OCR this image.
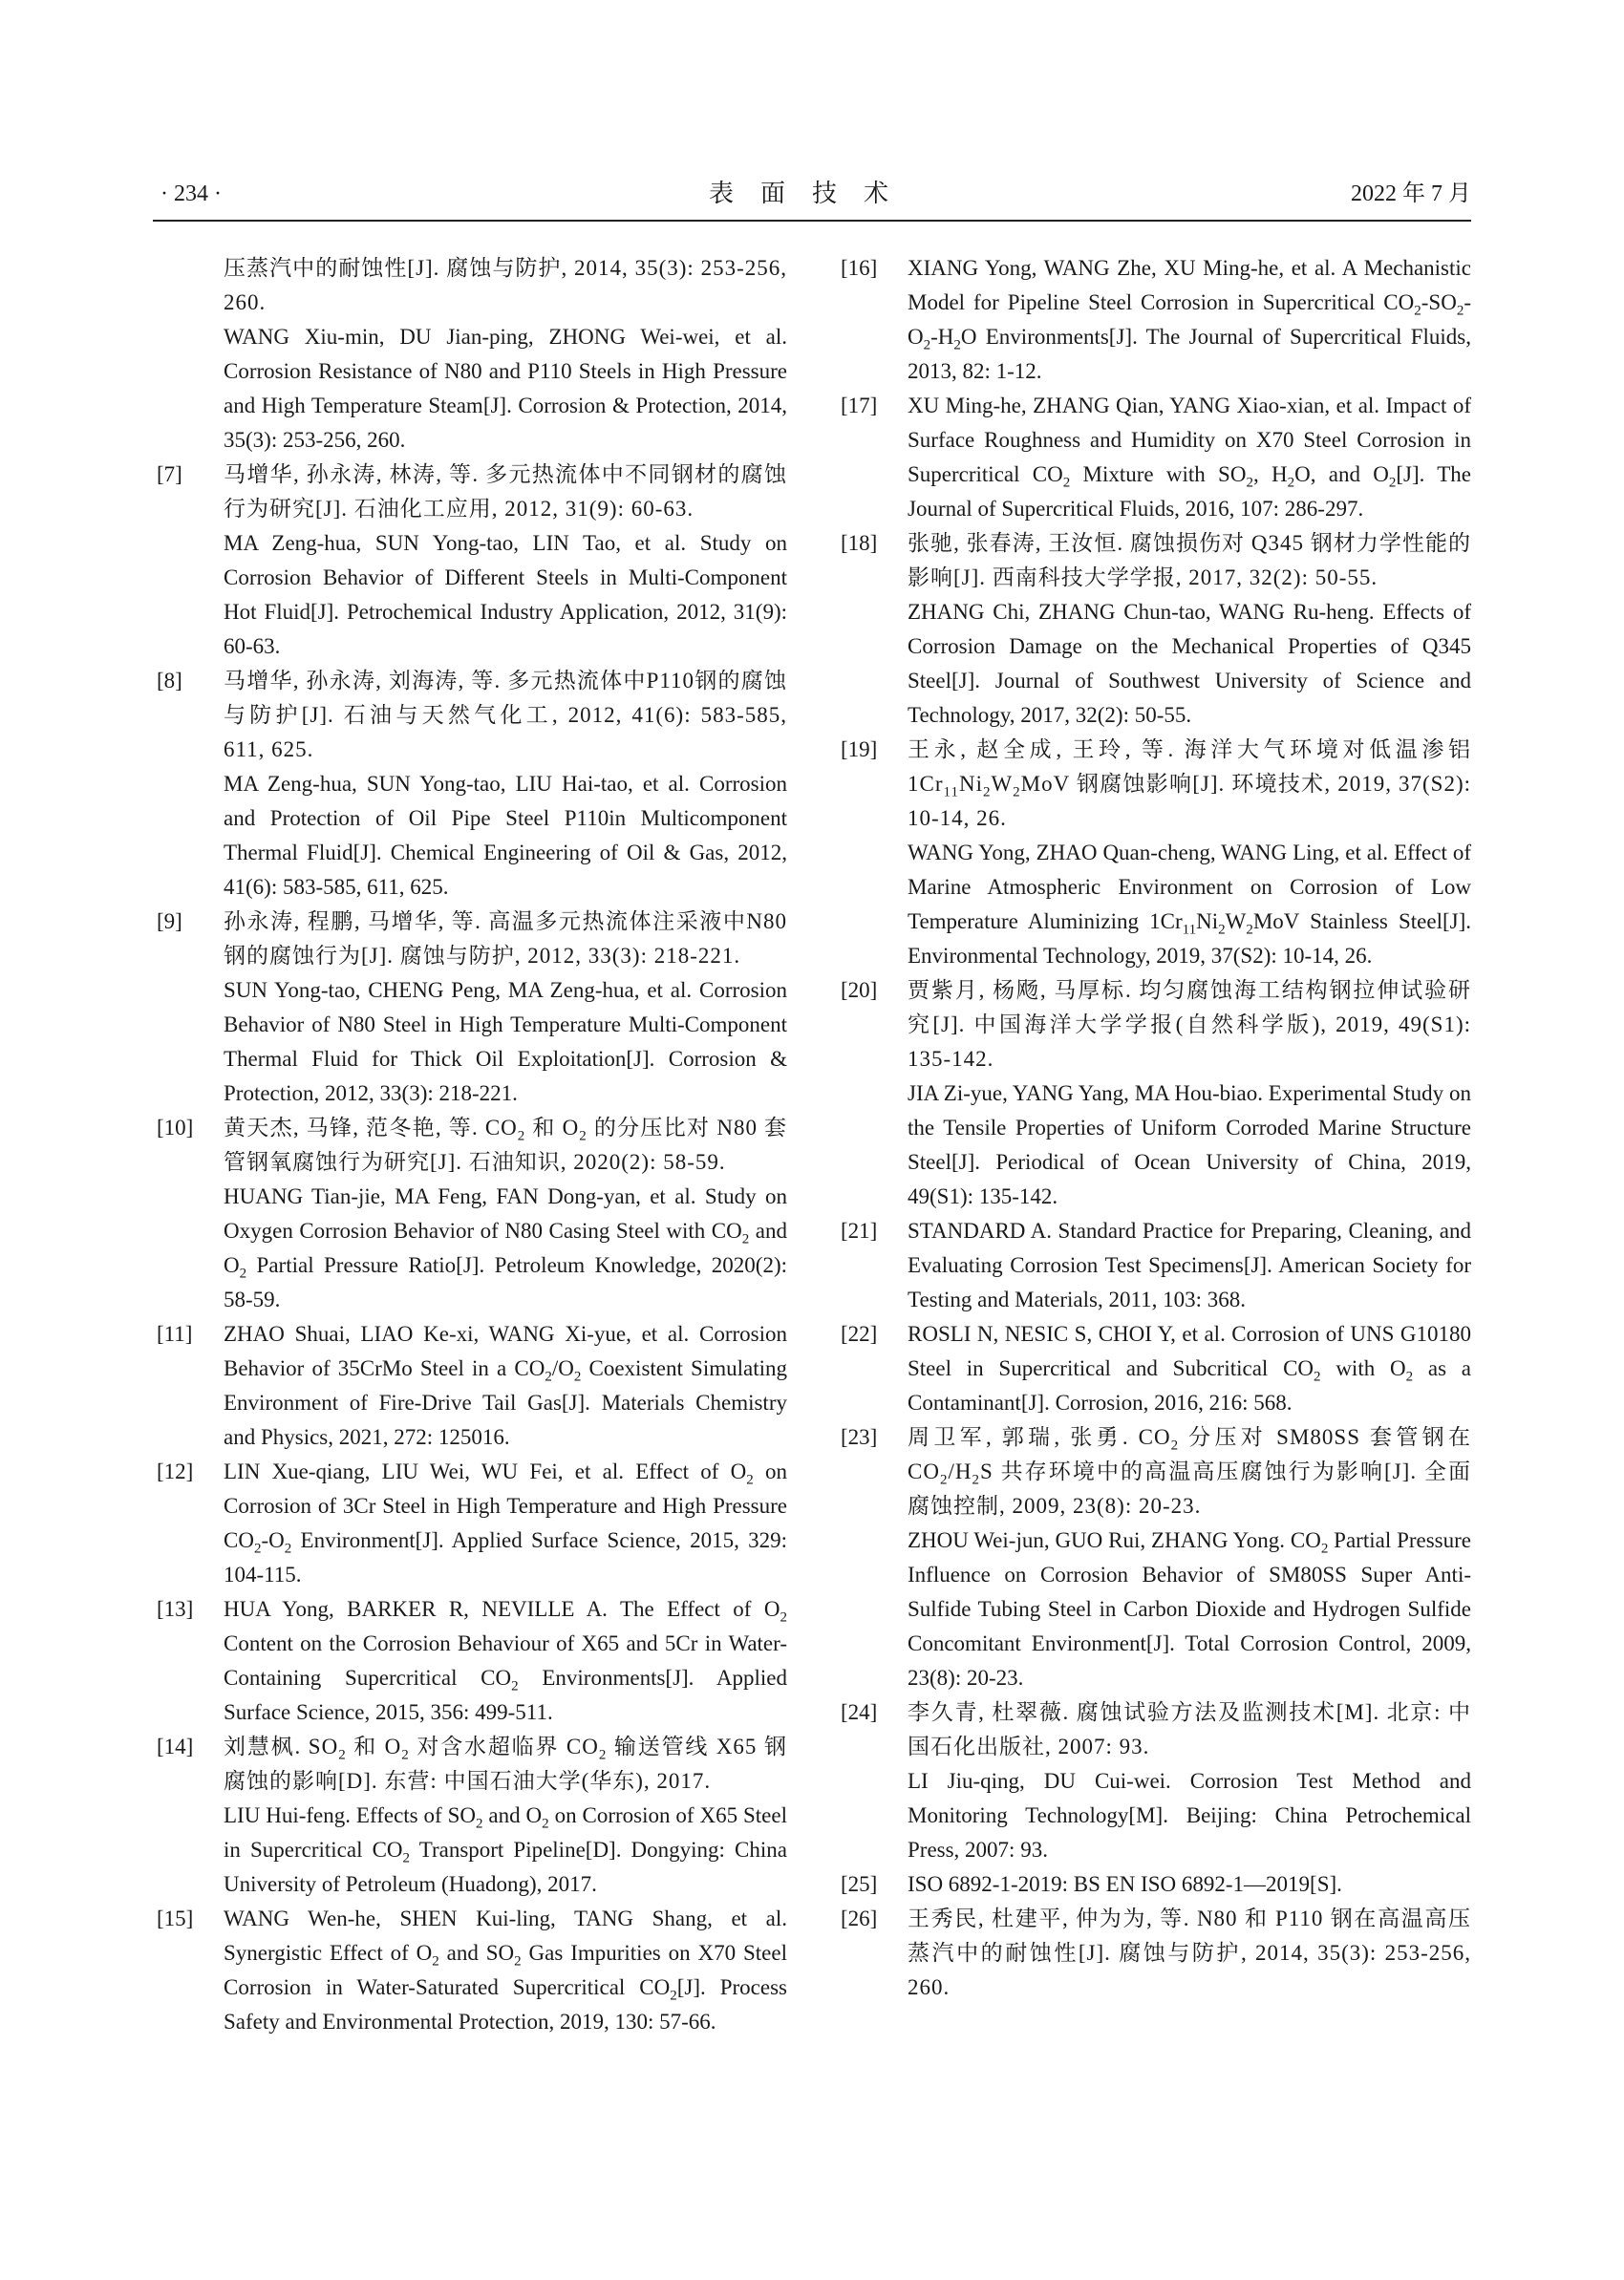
· 234 ·	表面技术	2022 年 7 月

压蒸汽中的耐蚀性[J]. 腐蚀与防护, 2014, 35(3): 253-256, 260.

WANG Xiu-min, DU Jian-ping, ZHONG Wei-wei, et al. Corrosion Resistance of N80 and P110 Steels in High Pressure and High Temperature Steam[J]. Corrosion & Protection, 2014, 35(3): 253-256, 260.

[7] 马增华, 孙永涛, 林涛, 等. 多元热流体中不同钢材的腐蚀行为研究[J]. 石油化工应用, 2012, 31(9): 60-63.

MA Zeng-hua, SUN Yong-tao, LIN Tao, et al. Study on Corrosion Behavior of Different Steels in Multi-Component Hot Fluid[J]. Petrochemical Industry Application, 2012, 31(9): 60-63.

[8] 马增华, 孙永涛, 刘海涛, 等. 多元热流体中P110钢的腐蚀与防护[J]. 石油与天然气化工, 2012, 41(6): 583-585, 611, 625.

MA Zeng-hua, SUN Yong-tao, LIU Hai-tao, et al. Corrosion and Protection of Oil Pipe Steel P110in Multicomponent Thermal Fluid[J]. Chemical Engineering of Oil & Gas, 2012, 41(6): 583-585, 611, 625.

[9] 孙永涛, 程鹏, 马增华, 等. 高温多元热流体注采液中N80 钢的腐蚀行为[J]. 腐蚀与防护, 2012, 33(3): 218-221.

SUN Yong-tao, CHENG Peng, MA Zeng-hua, et al. Corrosion Behavior of N80 Steel in High Temperature Multi-Component Thermal Fluid for Thick Oil Exploitation[J]. Corrosion & Protection, 2012, 33(3): 218-221.

[10] 黄天杰, 马锋, 范冬艳, 等. $CO_2$ 和 $O_2$ 的分压比对 N80 套管钢氧腐蚀行为研究[J]. 石油知识, 2020(2): 58-59.

HUANG Tian-jie, MA Feng, FAN Dong-yan, et al. Study on Oxygen Corrosion Behavior of N80 Casing Steel with $CO_2$ and $O_2$ Partial Pressure Ratio[J]. Petroleum Knowledge, 2020(2): 58-59.

[11] ZHAO Shuai, LIAO Ke-xi, WANG Xi-yue, et al. Corrosion Behavior of 35CrMo Steel in a $CO_2/O_2$ Coexistent Simulating Environment of Fire-Drive Tail Gas[J]. Materials Chemistry and Physics, 2021, 272: 125016.

[12] LIN Xue-qiang, LIU Wei, WU Fei, et al. Effect of $O_2$ on Corrosion of 3Cr Steel in High Temperature and High Pressure $CO_2-O_2$ Environment[J]. Applied Surface Science, 2015, 329: 104-115.

[13] HUA Yong, BARKER R, NEVILLE A. The Effect of $O_2$ Content on the Corrosion Behaviour of X65 and 5Cr in Water-Containing Supercritical $CO_2$ Environments[J]. Applied Surface Science, 2015, 356: 499-511.

[14] 刘慧枫. $SO_2$ 和 $O_2$ 对含水超临界 $CO_2$ 输送管线 X65 钢腐蚀的影响[D]. 东营: 中国石油大学(华东), 2017.

LIU Hui-feng. Effects of $SO_2$ and $O_2$ on Corrosion of X65 Steel in Supercritical $CO_2$ Transport Pipeline[D]. Dongying: China University of Petroleum (Huadong), 2017.

[15] WANG Wen-he, SHEN Kui-ling, TANG Shang, et al. Synergistic Effect of $O_2$ and $SO_2$ Gas Impurities on X70 Steel Corrosion in Water-Saturated Supercritical $CO_2[J]$. Process Safety and Environmental Protection, 2019, 130: 57-66.

[16] XIANG Yong, WANG Zhe, XU Ming-he, et al. A Mechanistic Model for Pipeline Steel Corrosion in Supercritical $CO_2-SO_2-O_2-H_2O$ Environments[J]. The Journal of Supercritical Fluids, 2013, 82: 1-12.

[17] XU Ming-he, ZHANG Qian, YANG Xiao-xian, et al. Impact of Surface Roughness and Humidity on X70 Steel Corrosion in Supercritical $CO_2$ Mixture with $SO_2$, $H_2O$, and $O_2[J]$. The Journal of Supercritical Fluids, 2016, 107: 286-297.

[18] 张驰, 张春涛, 王汝恒. 腐蚀损伤对 Q345 钢材力学性能的影响[J]. 西南科技大学学报, 2017, 32(2): 50-55.

ZHANG Chi, ZHANG Chun-tao, WANG Ru-heng. Effects of Corrosion Damage on the Mechanical Properties of Q345 Steel[J]. Journal of Southwest University of Science and Technology, 2017, 32(2): 50-55.

[19] 王永, 赵全成, 王玲, 等. 海洋大气环境对低温渗铝 $1Cr_{11}Ni_2W_2MoV$ 钢腐蚀影响[J]. 环境技术, 2019, 37(S2): 10-14, 26.

WANG Yong, ZHAO Quan-cheng, WANG Ling, et al. Effect of Marine Atmospheric Environment on Corrosion of Low Temperature Aluminizing $1Cr_{11}Ni_2W_2MoV$ Stainless Steel[J]. Environmental Technology, 2019, 37(S2): 10-14, 26.

[20] 贾紫月, 杨飏, 马厚标. 均匀腐蚀海工结构钢拉伸试验研究[J]. 中国海洋大学学报(自然科学版), 2019, 49(S1): 135-142.

JIA Zi-yue, YANG Yang, MA Hou-biao. Experimental Study on the Tensile Properties of Uniform Corroded Marine Structure Steel[J]. Periodical of Ocean University of China, 2019, 49(S1): 135-142.

[21] STANDARD A. Standard Practice for Preparing, Cleaning, and Evaluating Corrosion Test Specimens[J]. American Society for Testing and Materials, 2011, 103: 368.

[22] ROSLI N, NESIC S, CHOI Y, et al. Corrosion of UNS G10180 Steel in Supercritical and Subcritical $CO_2$ with $O_2$ as a Contaminant[J]. Corrosion, 2016, 216: 568.

[23] 周卫军, 郭瑞, 张勇. $CO_2$ 分压对 SM80SS 套管钢在 $CO_2/H_2S$ 共存环境中的高温高压腐蚀行为影响[J]. 全面腐蚀控制, 2009, 23(8): 20-23.

ZHOU Wei-jun, GUO Rui, ZHANG Yong. $CO_2$ Partial Pressure Influence on Corrosion Behavior of SM80SS Super Anti-Sulfide Tubing Steel in Carbon Dioxide and Hydrogen Sulfide Concomitant Environment[J]. Total Corrosion Control, 2009, 23(8): 20-23.

[24] 李久青, 杜翠薇. 腐蚀试验方法及监测技术[M]. 北京: 中国石化出版社, 2007: 93.

LI Jiu-qing, DU Cui-wei. Corrosion Test Method and Monitoring Technology[M]. Beijing: China Petrochemical Press, 2007: 93.

[25] ISO 6892-1-2019: BS EN ISO 6892-1—2019[S].

[26] 王秀民, 杜建平, 仲为为, 等. N80 和 P110 钢在高温高压蒸汽中的耐蚀性[J]. 腐蚀与防护, 2014, 35(3): 253-256, 260.
